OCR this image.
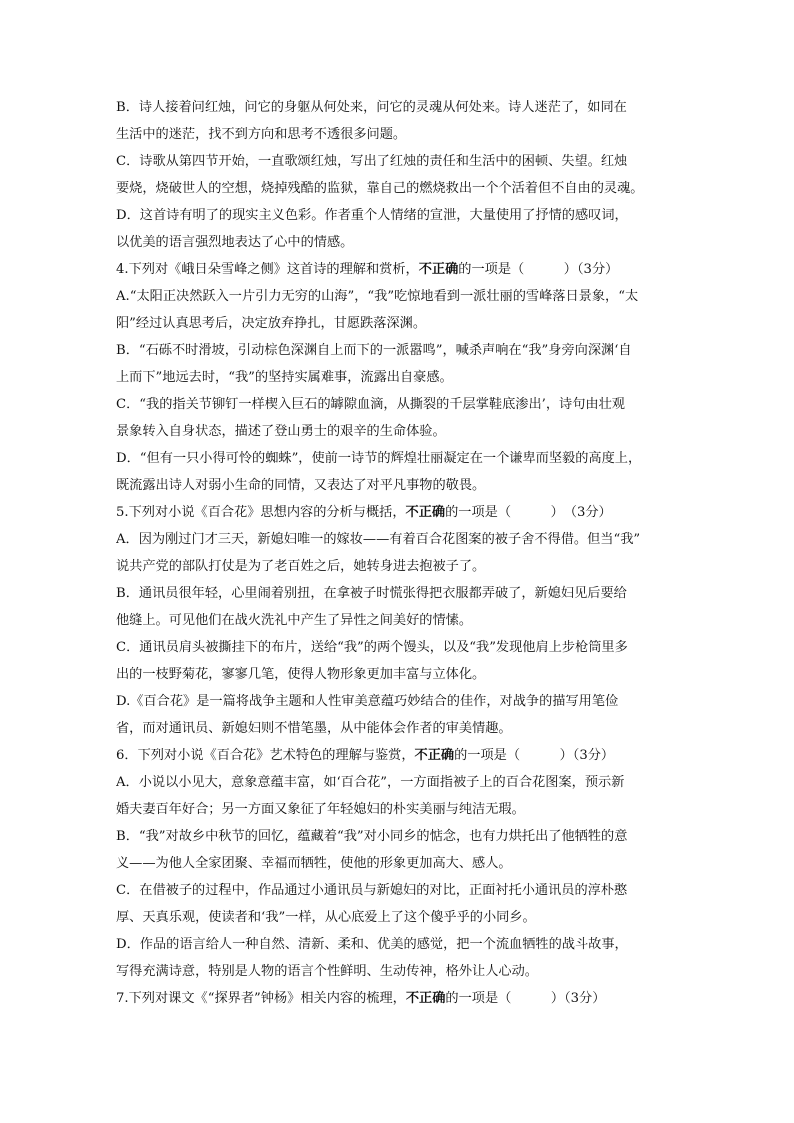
B．诗人接着问红烛，问它的身躯从何处来，问它的灵魂从何处来。诗人迷茫了，如同在
生活中的迷茫，找不到方向和思考不透很多问题。
C．诗歌从第四节开始，一直歌颂红烛，写出了红烛的责任和生活中的困顿、失望。红烛
要烧，烧破世人的空想，烧掉残酷的监狱，靠自己的燃烧救出一个个活着但不自由的灵魂。
D．这首诗有明了的现实主义色彩。作者重个人情绪的宣泄，大量使用了抒情的感叹词，
以优美的语言强烈地表达了心中的情感。
4.下列对《峨日朵雪峰之侧》这首诗的理解和赏析，不正确的一项是（　　　）（3分）
A.“太阳正决然跃入一片引力无穷的山海”，“我”吃惊地看到一派壮丽的雪峰落日景象，“太
阳”经过认真思考后，决定放弃挣扎，甘愿跌落深渊。
B．“石砾不时滑坡，引动棕色深渊自上而下的一派嚣鸣”，喊杀声响在“我”身旁向深渊‘自
上而下”地远去时，“我”的坚持实属难事，流露出自豪感。
C．“我的指关节铆钉一样楔入巨石的罅隙血滴，从撕裂的千层掌鞋底渗出’，诗句由壮观
景象转入自身状态，描述了登山勇士的艰辛的生命体验。
D．“但有一只小得可怜的蜘蛛”，使前一诗节的辉煌壮丽凝定在一个谦卑而坚毅的高度上，
既流露出诗人对弱小生命的同情，又表达了对平凡事物的敬畏。
5.下列对小说《百合花》思想内容的分析与概括，不正确的一项是（　　　）　（3分）
A．因为刚过门才三天，新媳妇唯一的嫁妆——有着百合花图案的被子舍不得借。但当“我”
说共产党的部队打仗是为了老百姓之后，她转身进去抱被子了。
B．通讯员很年轻，心里闹着别扭，在拿被子时慌张得把衣服都弄破了，新媳妇见后要给
他缝上。可见他们在战火洗礼中产生了异性之间美好的情愫。
C．通讯员肩头被撕挂下的布片，送给“我”的两个馒头，以及“我”发现他肩上步枪筒里多
出的一枝野菊花，寥寥几笔，使得人物形象更加丰富与立体化。
D.《百合花》是一篇将战争主题和人性审美意蕴巧妙结合的佳作，对战争的描写用笔俭
省，而对通讯员、新媳妇则不惜笔墨，从中能体会作者的审美情趣。
6．下列对小说《百合花》艺术特色的理解与鉴赏，不正确的一项是（　　　）（3分）
A．小说以小见大，意象意蕴丰富，如‘百合花”，一方面指被子上的百合花图案，预示新
婚夫妻百年好合；另一方面又象征了年轻媳妇的朴实美丽与纯洁无瑕。
B．“我”对故乡中秋节的回忆，蕴藏着“我”对小同乡的惦念，也有力烘托出了他牺牲的意
义——为他人全家团聚、幸福而牺牲，使他的形象更加高大、感人。
C．在借被子的过程中，作品通过小通讯员与新媳妇的对比，正面衬托小通讯员的淳朴憨
厚、天真乐观，使读者和‘我”一样，从心底爱上了这个傻乎乎的小同乡。
D．作品的语言给人一种自然、清新、柔和、优美的感觉，把一个流血牺牲的战斗故事，
写得充满诗意，特别是人物的语言个性鲜明、生动传神，格外让人心动。
7.下列对课文《“探界者”钟杨》相关内容的梳理，不正确的一项是（　　　）（3分）
